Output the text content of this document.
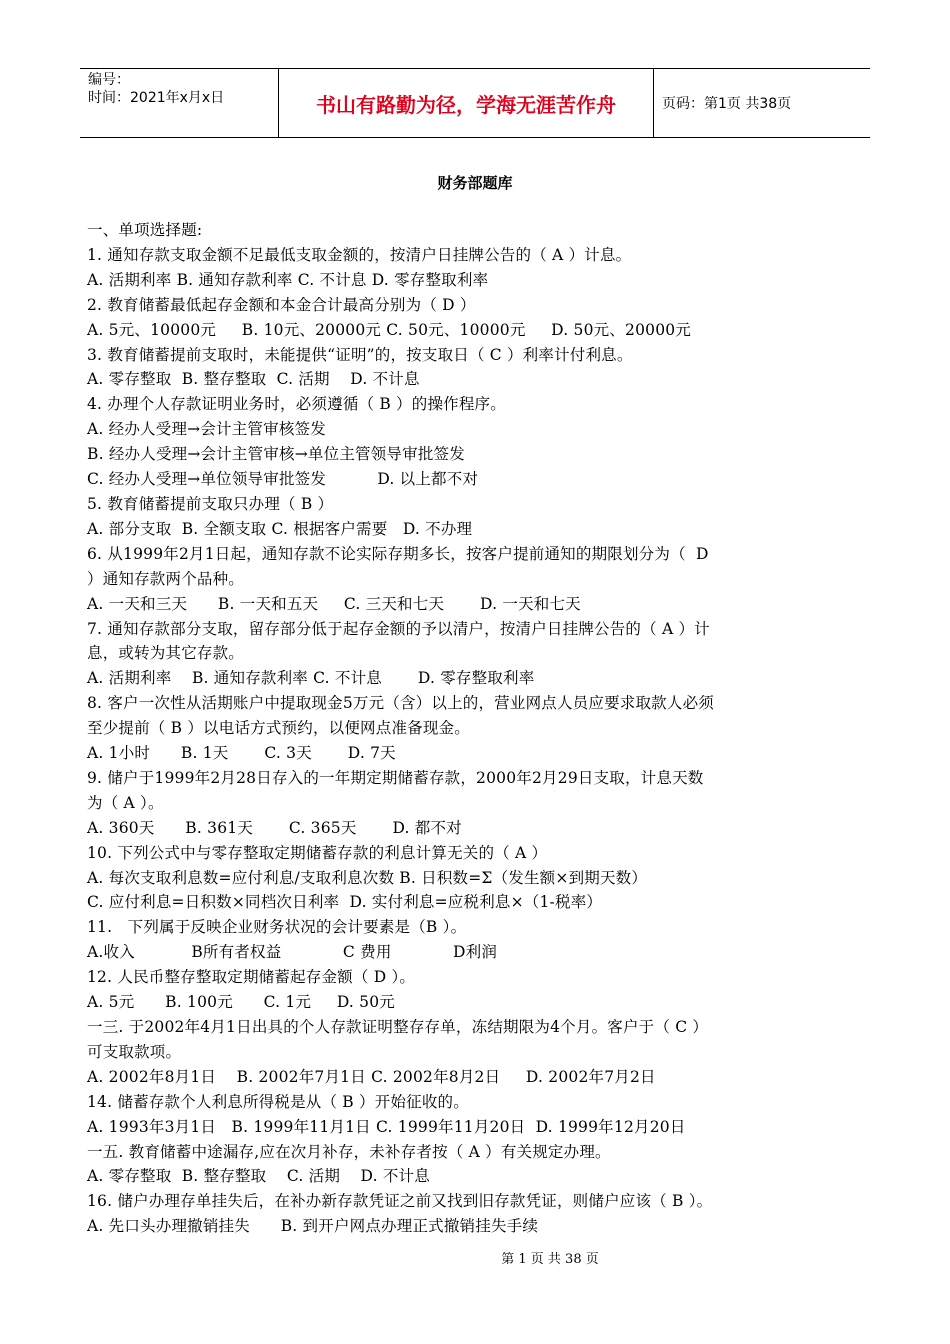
编号：
时间：2021年x月x日	书山有路勤为径，学海无涯苦作舟	页码：第1页 共38页
财务部题库
一、单项选择题:
1. 通知存款支取金额不足最低支取金额的，按清户日挂牌公告的（ A ）计息。
A. 活期利率 B. 通知存款利率 C. 不计息 D. 零存整取利率
2. 教育储蓄最低起存金额和本金合计最高分别为（ D ）
A. 5元、10000元     B. 10元、20000元 C. 50元、10000元     D. 50元、20000元
3. 教育储蓄提前支取时，未能提供“证明”的，按支取日（ C ）利率计付利息。
A. 零存整取  B. 整存整取  C. 活期    D. 不计息
4. 办理个人存款证明业务时，必须遵循（ B ）的操作程序。
A. 经办人受理→会计主管审核签发
B. 经办人受理→会计主管审核→单位主管领导审批签发
C. 经办人受理→单位领导审批签发          D. 以上都不对
5. 教育储蓄提前支取只办理（ B ）
A. 部分支取  B. 全额支取 C. 根据客户需要   D. 不办理
6. 从1999年2月1日起，通知存款不论实际存期多长，按客户提前通知的期限划分为（  D
）通知存款两个品种。
A. 一天和三天      B. 一天和五天     C. 三天和七天       D. 一天和七天
7. 通知存款部分支取，留存部分低于起存金额的予以清户，按清户日挂牌公告的（ A ）计
息，或转为其它存款。
A. 活期利率    B. 通知存款利率 C. 不计息       D. 零存整取利率
8. 客户一次性从活期账户中提取现金5万元（含）以上的，营业网点人员应要求取款人必须
至少提前（ B ）以电话方式预约，以便网点准备现金。
A. 1小时      B. 1天       C. 3天       D. 7天
9. 储户于1999年2月28日存入的一年期定期储蓄存款，2000年2月29日支取，计息天数
为（ A ）。
A. 360天      B. 361天       C. 365天       D. 都不对
10. 下列公式中与零存整取定期储蓄存款的利息计算无关的（ A ）
A. 每次支取利息数=应付利息/支取利息次数 B. 日积数=Σ（发生额×到期天数）
C. 应付利息=日积数×同档次日利率  D. 实付利息=应税利息×（1-税率）
11.   下列属于反映企业财务状况的会计要素是（B ）。
A.收入           B所有者权益            C 费用            D利润
12. 人民币整存整取定期储蓄起存金额（ D ）。
A. 5元      B. 100元      C. 1元     D. 50元
一三. 于2002年4月1日出具的个人存款证明整存存单，冻结期限为4个月。客户于（ C ）
可支取款项。
A. 2002年8月1日    B. 2002年7月1日 C. 2002年8月2日     D. 2002年7月2日
14. 储蓄存款个人利息所得税是从（ B ）开始征收的。
A. 1993年3月1日   B. 1999年11月1日 C. 1999年11月20日  D. 1999年12月20日
一五. 教育储蓄中途漏存,应在次月补存，未补存者按（ A ）有关规定办理。
A. 零存整取  B. 整存整取    C. 活期    D. 不计息
16. 储户办理存单挂失后，在补办新存款凭证之前又找到旧存款凭证，则储户应该（ B ）。
A. 先口头办理撤销挂失      B. 到开户网点办理正式撤销挂失手续
第 1 页 共 38 页
